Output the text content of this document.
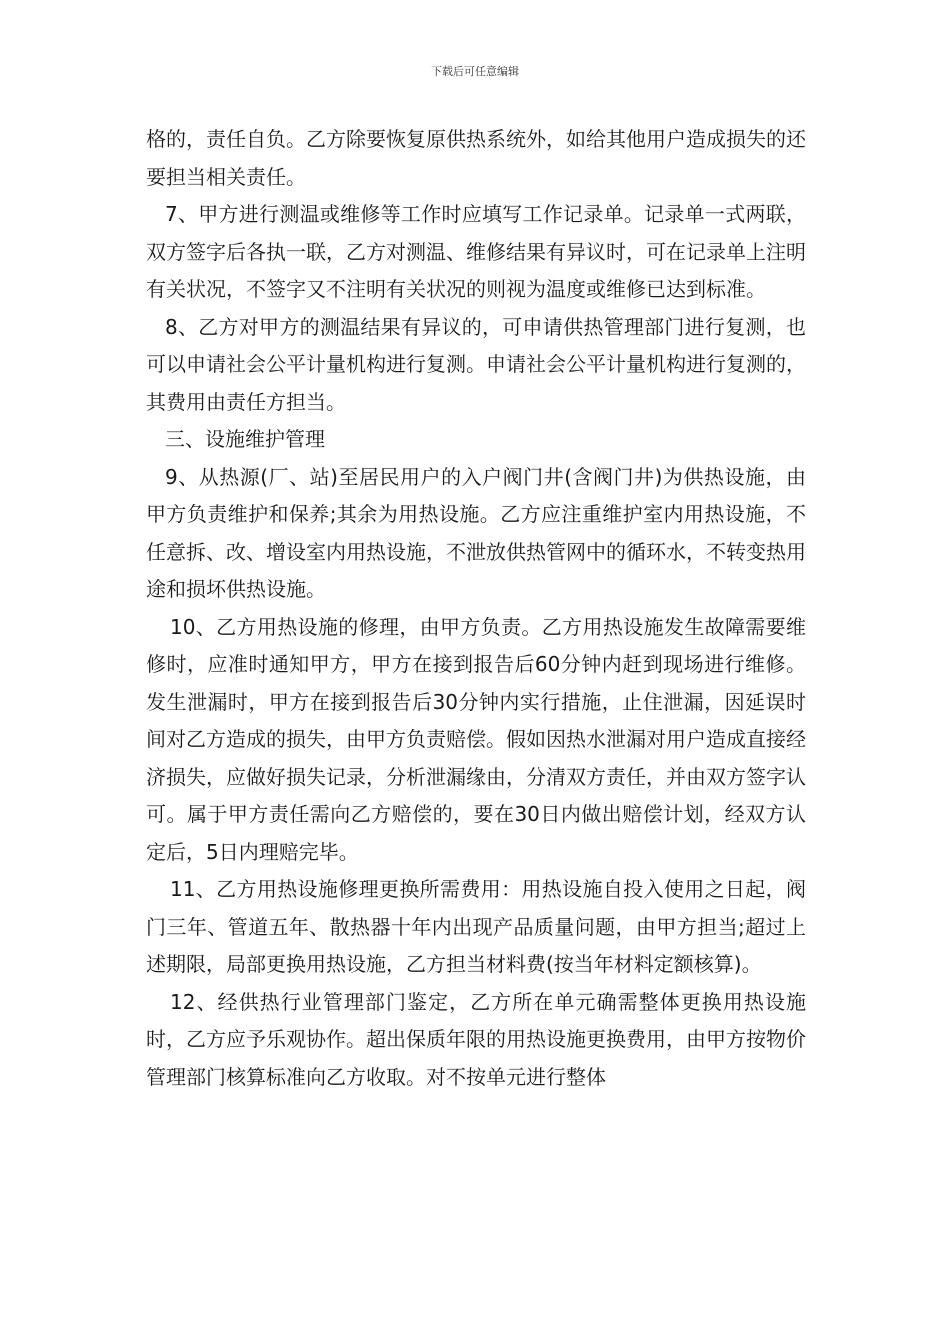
下载后可任意编辑

格的，责任自负。乙方除要恢复原供热系统外，如给其他用户造成损失的还要担当相关责任。

7、甲方进行测温或维修等工作时应填写工作记录单。记录单一式两联，双方签字后各执一联，乙方对测温、维修结果有异议时，可在记录单上注明有关状况，不签字又不注明有关状况的则视为温度或维修已达到标准。

8、乙方对甲方的测温结果有异议的，可申请供热管理部门进行复测，也可以申请社会公平计量机构进行复测。申请社会公平计量机构进行复测的，其费用由责任方担当。

三、设施维护管理

9、从热源(厂、站)至居民用户的入户阀门井(含阀门井)为供热设施，由甲方负责维护和保养;其余为用热设施。乙方应注重维护室内用热设施，不任意拆、改、增设室内用热设施，不泄放供热管网中的循环水，不转变热用途和损坏供热设施。

10、乙方用热设施的修理，由甲方负责。乙方用热设施发生故障需要维修时，应准时通知甲方，甲方在接到报告后60分钟内赶到现场进行维修。发生泄漏时，甲方在接到报告后30分钟内实行措施，止住泄漏，因延误时间对乙方造成的损失，由甲方负责赔偿。假如因热水泄漏对用户造成直接经济损失，应做好损失记录，分析泄漏缘由，分清双方责任，并由双方签字认可。属于甲方责任需向乙方赔偿的，要在30日内做出赔偿计划，经双方认定后，5日内理赔完毕。

11、乙方用热设施修理更换所需费用：用热设施自投入使用之日起，阀门三年、管道五年、散热器十年内出现产品质量问题，由甲方担当;超过上述期限，局部更换用热设施，乙方担当材料费(按当年材料定额核算)。

12、经供热行业管理部门鉴定，乙方所在单元确需整体更换用热设施时，乙方应予乐观协作。超出保质年限的用热设施更换费用，由甲方按物价管理部门核算标准向乙方收取。对不按单元进行整体
